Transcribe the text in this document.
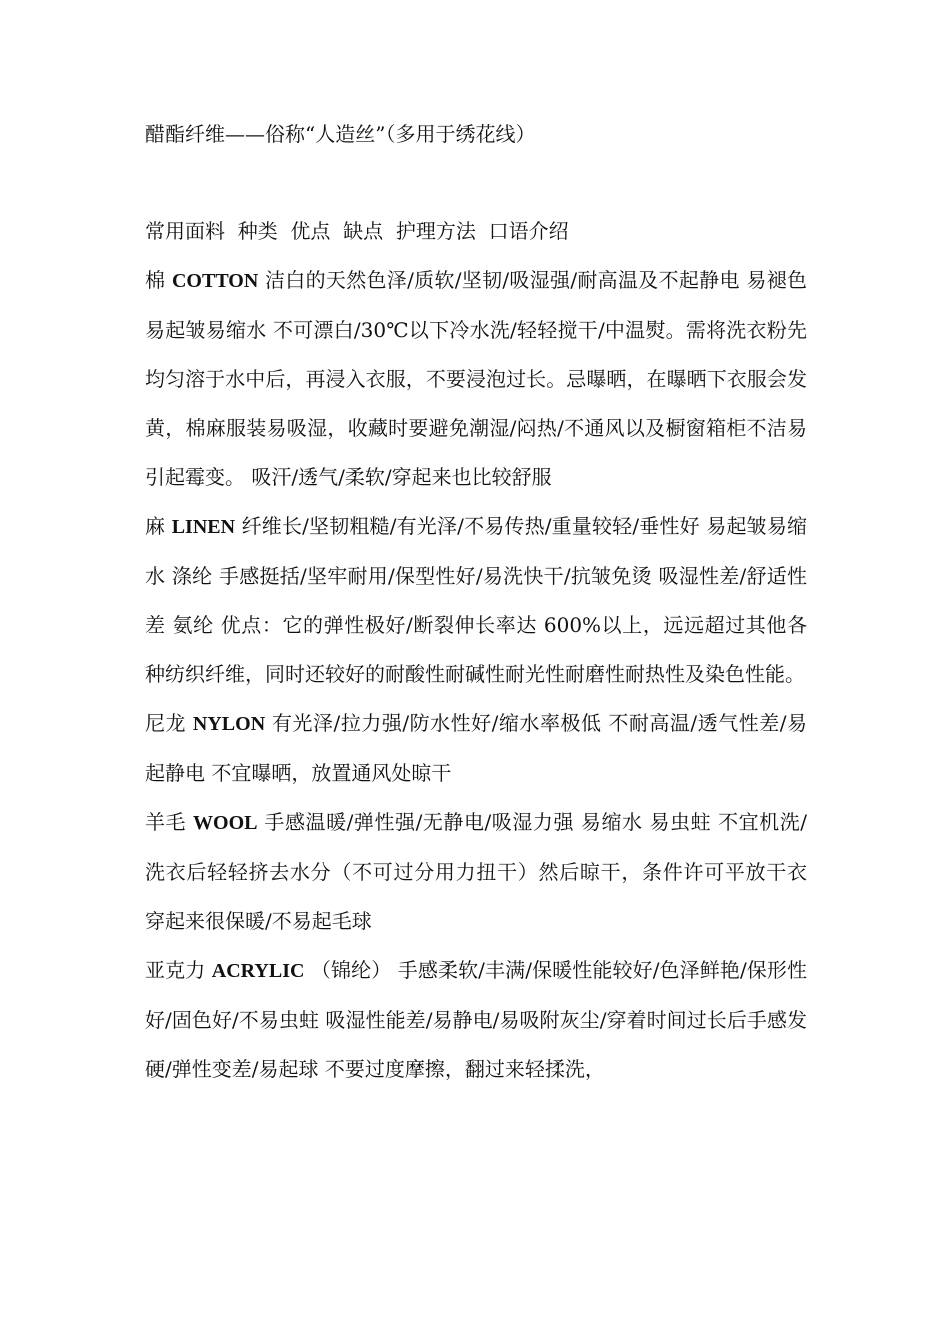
醋酯纤维——俗称“人造丝”（多用于绣花线）

常用面料  种类  优点  缺点  护理方法  口语介绍

棉 COTTON 洁白的天然色泽/质软/坚韧/吸湿强/耐高温及不起静电 易褪色易起皱易缩水 不可漂白/30℃以下冷水洗/轻轻搅干/中温熨。需将洗衣粉先均匀溶于水中后，再浸入衣服，不要浸泡过长。忌曝晒，在曝晒下衣服会发黄，棉麻服装易吸湿，收藏时要避免潮湿/闷热/不通风以及橱窗箱柜不洁易引起霉变。 吸汗/透气/柔软/穿起来也比较舒服

麻 LINEN 纤维长/坚韧粗糙/有光泽/不易传热/重量较轻/垂性好 易起皱易缩水 涤纶 手感挺括/坚牢耐用/保型性好/易洗快干/抗皱免烫 吸湿性差/舒适性差 氨纶 优点：它的弹性极好/断裂伸长率达 600%以上，远远超过其他各种纺织纤维，同时还较好的耐酸性耐碱性耐光性耐磨性耐热性及染色性能。

尼龙 NYLON 有光泽/拉力强/防水性好/缩水率极低 不耐高温/透气性差/易起静电 不宜曝晒，放置通风处晾干

羊毛 WOOL 手感温暖/弹性强/无静电/吸湿力强 易缩水 易虫蛀 不宜机洗/洗衣后轻轻挤去水分（不可过分用力扭干）然后晾干，条件许可平放干衣 穿起来很保暖/不易起毛球

亚克力 ACRYLIC （锦纶） 手感柔软/丰满/保暖性能较好/色泽鲜艳/保形性好/固色好/不易虫蛀 吸湿性能差/易静电/易吸附灰尘/穿着时间过长后手感发硬/弹性变差/易起球 不要过度摩擦，翻过来轻揉洗，
